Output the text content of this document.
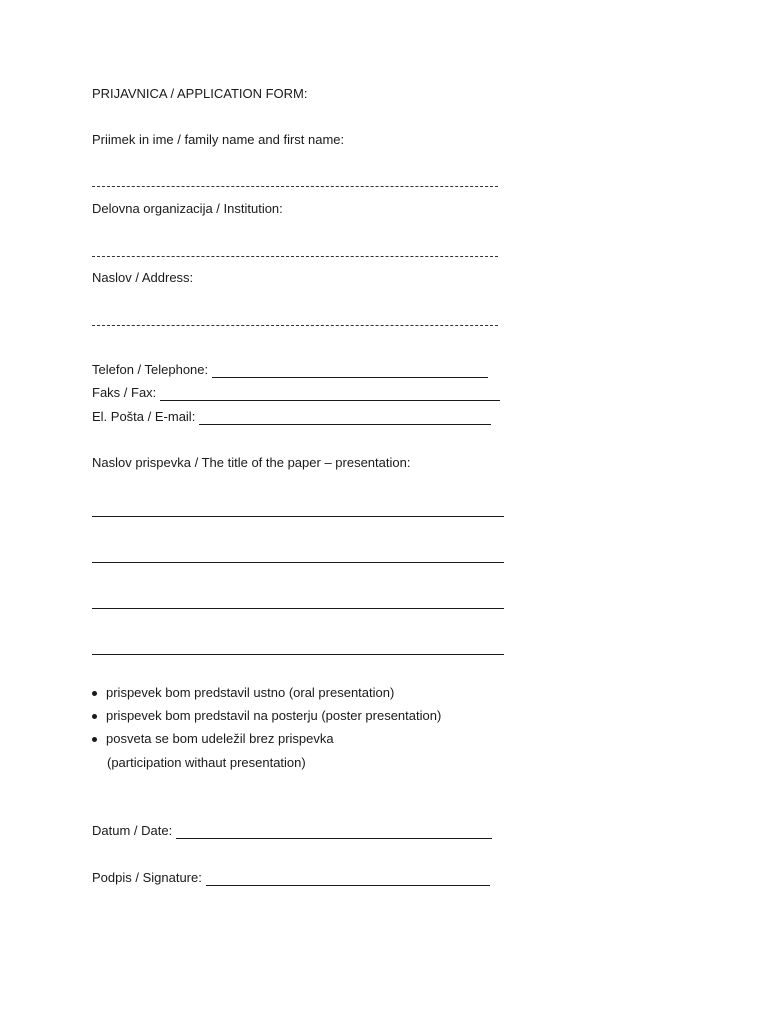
PRIJAVNICA / APPLICATION FORM:
Priimek in ime / family name and first name:
Delovna organizacija / Institution:
Naslov / Address:
Telefon / Telephone:
Faks / Fax:
El. Pošta / E-mail:
Naslov prispevka / The title of the paper – presentation:
prispevek bom predstavil ustno (oral presentation)
prispevek bom predstavil na posterju (poster presentation)
posveta se bom udeležil brez prispevka
(participation withaut presentation)
Datum / Date:
Podpis / Signature:
